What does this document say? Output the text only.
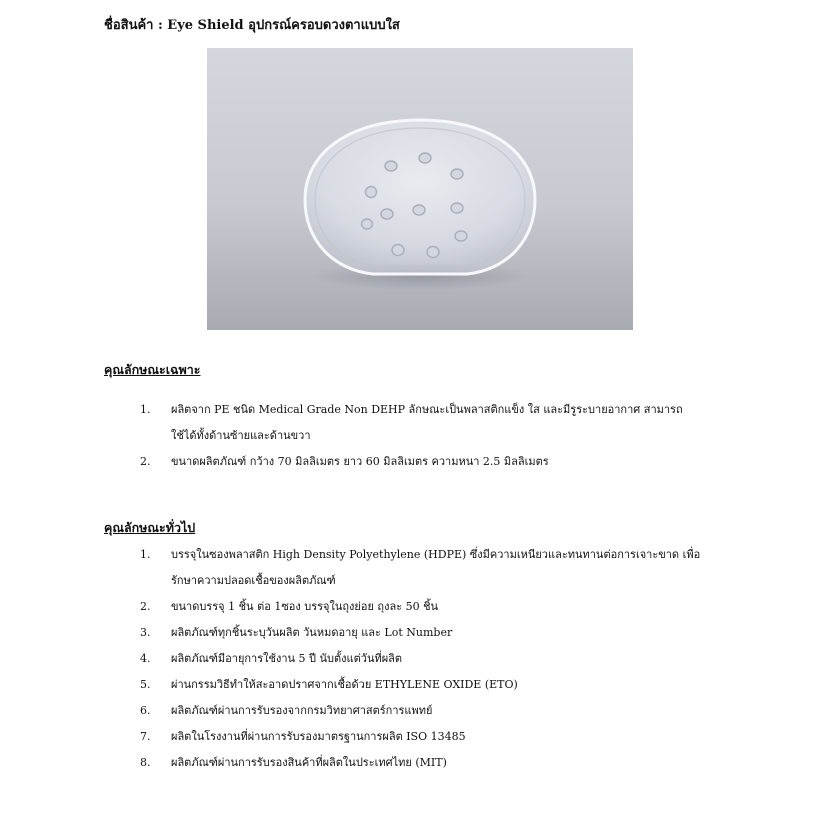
ชื่อสินค้า : Eye Shield อุปกรณ์ครอบดวงตาแบบใส
คุณลักษณะเฉพาะ
1.	ผลิตจาก PE ชนิด Medical Grade Non DEHP ลักษณะเป็นพลาสติกแข็ง ใส และมีรูระบายอากาศ สามารถ
ใช้ได้ทั้งด้านซ้ายและด้านขวา
2.	ขนาดผลิตภัณฑ์ กว้าง 70 มิลลิเมตร ยาว 60 มิลลิเมตร ความหนา 2.5 มิลลิเมตร
คุณลักษณะทั่วไป
1.	บรรจุในซองพลาสติก High Density Polyethylene (HDPE) ซึ่งมีความเหนียวและทนทานต่อการเจาะขาด เพื่อ
รักษาความปลอดเชื้อของผลิตภัณฑ์
2.	ขนาดบรรจุ 1 ชิ้น ต่อ 1ซอง บรรจุในถุงย่อย ถุงละ 50 ชิ้น
3.	ผลิตภัณฑ์ทุกชิ้นระบุวันผลิต วันหมดอายุ และ Lot Number
4.	ผลิตภัณฑ์มีอายุการใช้งาน 5 ปี นับตั้งแต่วันที่ผลิต
5.	ผ่านกรรมวิธีทำให้สะอาดปราศจากเชื้อด้วย ETHYLENE OXIDE (ETO)
6.	ผลิตภัณฑ์ผ่านการรับรองจากกรมวิทยาศาสตร์การแพทย์
7.	ผลิตในโรงงานที่ผ่านการรับรองมาตรฐานการผลิต ISO 13485
8.	ผลิตภัณฑ์ผ่านการรับรองสินค้าที่ผลิตในประเทศไทย (MIT)
